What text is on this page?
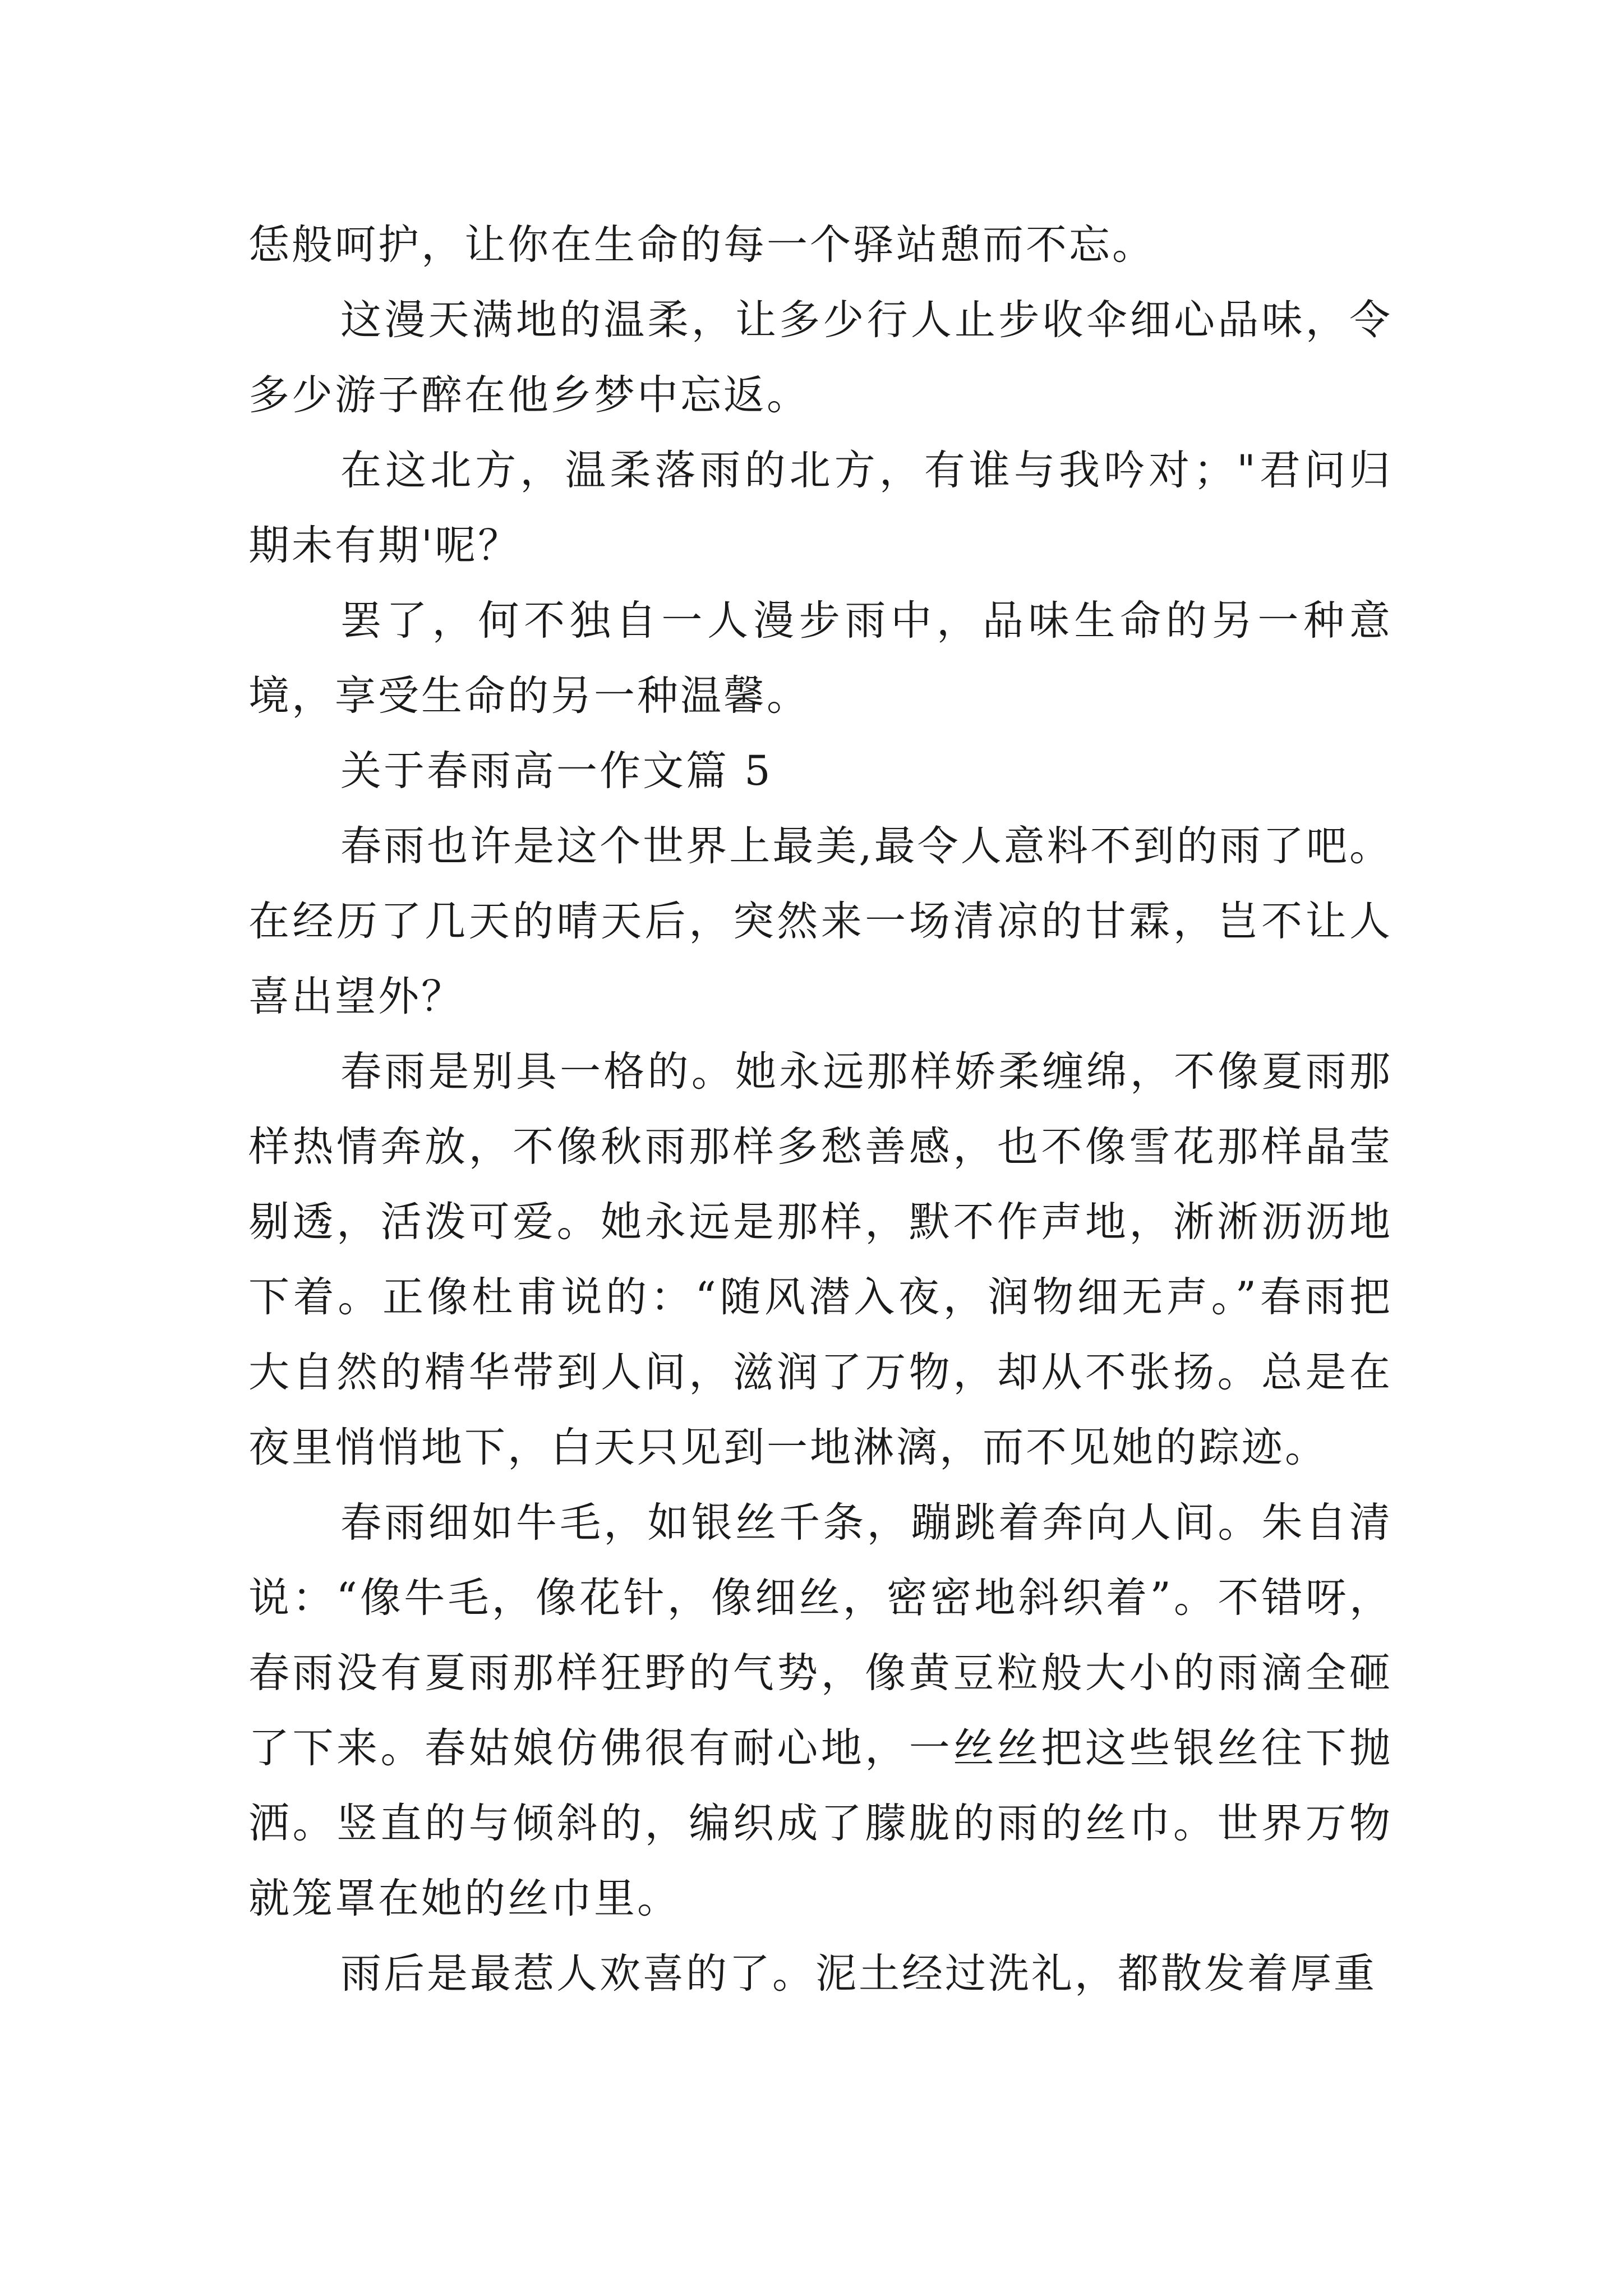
恁般呵护，让你在生命的每一个驿站憩而不忘。

这漫天满地的温柔，让多少行人止步收伞细心品味，令多少游子醉在他乡梦中忘返。

在这北方，温柔落雨的北方，有谁与我吟对；"君问归期未有期'呢？

罢了，何不独自一人漫步雨中，品味生命的另一种意境，享受生命的另一种温馨。

关于春雨高一作文篇 5

春雨也许是这个世界上最美,最令人意料不到的雨了吧。在经历了几天的晴天后，突然来一场清凉的甘霖，岂不让人喜出望外？

春雨是别具一格的。她永远那样娇柔缠绵，不像夏雨那样热情奔放，不像秋雨那样多愁善感，也不像雪花那样晶莹剔透，活泼可爱。她永远是那样，默不作声地，淅淅沥沥地下着。正像杜甫说的：“随风潜入夜，润物细无声。”春雨把大自然的精华带到人间，滋润了万物，却从不张扬。总是在夜里悄悄地下，白天只见到一地淋漓，而不见她的踪迹。

春雨细如牛毛，如银丝千条，蹦跳着奔向人间。朱自清说：“像牛毛，像花针，像细丝，密密地斜织着”。不错呀，春雨没有夏雨那样狂野的气势，像黄豆粒般大小的雨滴全砸了下来。春姑娘仿佛很有耐心地，一丝丝把这些银丝往下抛洒。竖直的与倾斜的，编织成了朦胧的雨的丝巾。世界万物就笼罩在她的丝巾里。

雨后是最惹人欢喜的了。泥土经过洗礼，都散发着厚重
